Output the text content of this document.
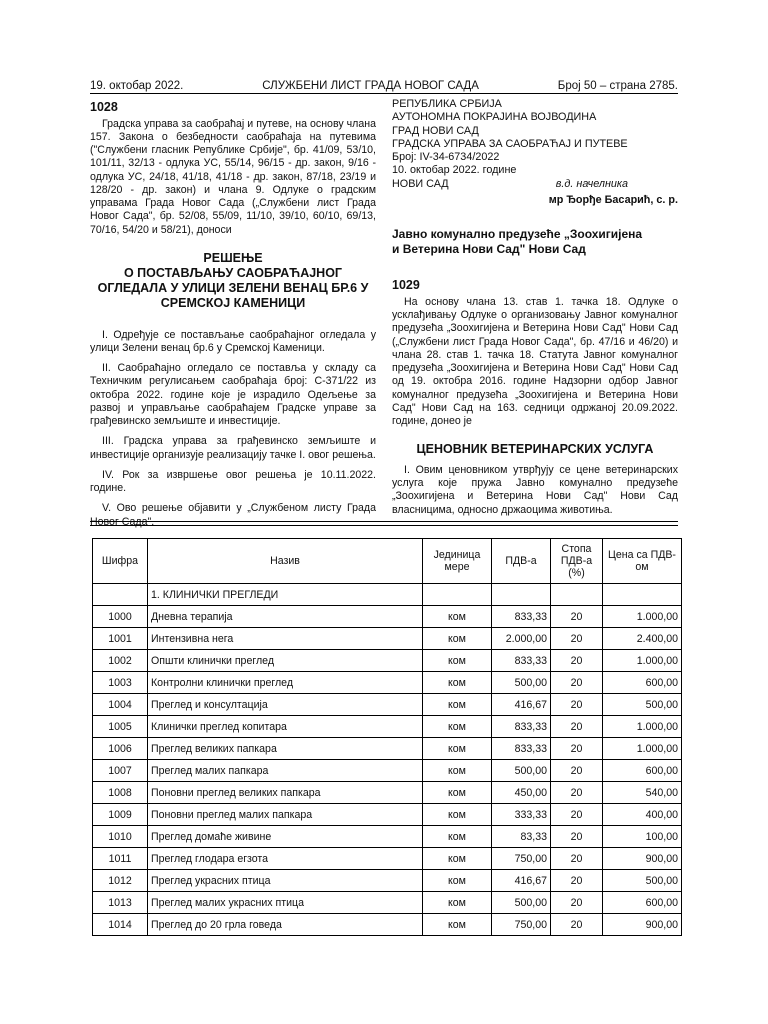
19. октобар 2022.	СЛУЖБЕНИ ЛИСТ ГРАДА НОВОГ САДА	Број 50 – страна 2785.
1028

Градска управа за саобраћај и путеве, на основу члана 157. Закона о безбедности саобраћаја на путевима ("Службени гласник Републике Србије", бр. 41/09, 53/10, 101/11, 32/13 - одлука УС, 55/14, 96/15 - др. закон, 9/16 - одлука УС, 24/18, 41/18, 41/18 - др. закон, 87/18, 23/19 и 128/20 - др. закон) и члана 9. Одлуке о градским управама Града Новог Сада („Службени лист Града Новог Сада", бр. 52/08, 55/09, 11/10, 39/10, 60/10, 69/13, 70/16, 54/20 и 58/21), доноси

РЕШЕЊЕ
О ПОСТАВЉАЊУ САОБРАЋАЈНОГ
ОГЛЕДАЛА У УЛИЦИ ЗЕЛЕНИ ВЕНАЦ БР.6 У
СРЕМСКОЈ КАМЕНИЦИ

I. Одређује се постављање саобраћајног огледала у улици Зелени венац бр.6 у Сремској Каменици.

II. Саобраћајно огледало се поставља у складу са Техничким регулисањем саобраћаја број: С-371/22 из октобра 2022. године које је израдило Одељење за развој и управљање саобраћајем Градске управе за грађевинско земљиште и инвестиције.

III. Градска управа за грађевинско земљиште и инвестиције организује реализацију тачке I. овог решења.

IV. Рок за извршење овог решења је 10.11.2022. године.

V. Ово решење објавити у „Службеном листу Града Новог Сада".

РЕПУБЛИКА СРБИЈА
АУТОНОМНА ПОКРАЈИНА ВОЈВОДИНА
ГРАД НОВИ САД
ГРАДСКА УПРАВА ЗА САОБРАЋАЈ И ПУТЕВЕ
Број: IV-34-6734/2022
10. октобар 2022. године
НОВИ САД	в.д. начелника
мр Ђорђе Басарић, с. р.
Јавно комунално предузеће „Зоохигијена
и Ветерина Нови Сад" Нови Сад
1029

На основу члана 13. став 1. тачка 18. Одлуке о усклађивању Одлуке о организовању Јавног комуналног предузећа „Зоохигијена и Ветерина Нови Сад" Нови Сад („Службени лист Града Новог Сада", бр. 47/16 и 46/20) и члана 28. став 1. тачка 18. Статута Јавног комуналног предузећа „Зоохигијена и Ветерина Нови Сад" Нови Сад од 19. октобра 2016. године Надзорни одбор Јавног комуналног предузећа „Зоохигијена и Ветерина Нови Сад" Нови Сад на 163. седници одржаној 20.09.2022. године, донео је

ЦЕНОВНИК ВЕТЕРИНАРСКИХ УСЛУГА

I. Овим ценовником утврђују се цене ветеринарских услуга које пружа Јавно комунално предузеће „Зоохигијена и Ветерина Нови Сад" Нови Сад власницима, односно држаоцима животиња.

Шифра	Назив	Јединица мере	ПДВ-а	Стопа ПДВ-а (%)	Цена са ПДВ-ом
	1. КЛИНИЧКИ ПРЕГЛЕДИ				
1000	Дневна терапија	ком	833,33	20	1.000,00
1001	Интензивна нега	ком	2.000,00	20	2.400,00
1002	Општи клинички преглед	ком	833,33	20	1.000,00
1003	Контролни клинички преглед	ком	500,00	20	600,00
1004	Преглед и консултација	ком	416,67	20	500,00
1005	Клинички преглед копитара	ком	833,33	20	1.000,00
1006	Преглед великих папкара	ком	833,33	20	1.000,00
1007	Преглед малих папкара	ком	500,00	20	600,00
1008	Поновни преглед великих папкара	ком	450,00	20	540,00
1009	Поновни преглед малих папкара	ком	333,33	20	400,00
1010	Преглед домаће живине	ком	83,33	20	100,00
1011	Преглед глодара егзота	ком	750,00	20	900,00
1012	Преглед украсних птица	ком	416,67	20	500,00
1013	Преглед малих украсних птица	ком	500,00	20	600,00
1014	Преглед до 20 грла говеда	ком	750,00	20	900,00
